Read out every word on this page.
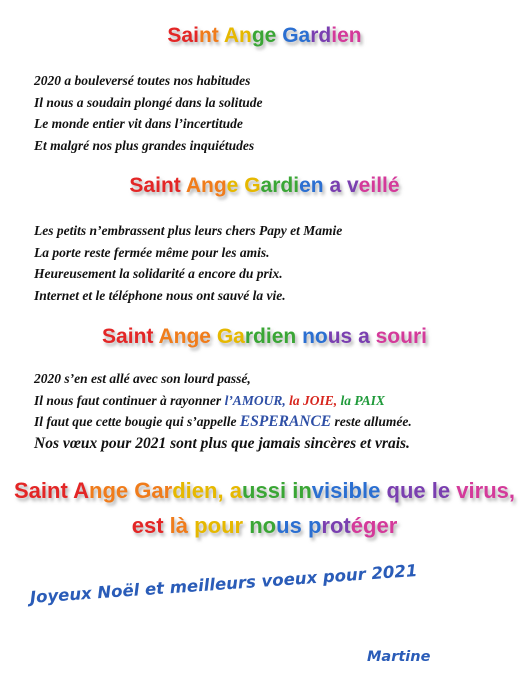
Saint Ange Gardien
2020 a bouleversé toutes nos habitudes
Il nous a soudain plongé dans la solitude
Le monde entier vit dans l’incertitude
Et malgré nos plus grandes inquiétudes
Saint Ange Gardien a veillé
Les petits n’embrassent plus leurs chers Papy et Mamie
La porte reste fermée même pour les amis.
Heureusement la solidarité a encore du prix.
Internet et le téléphone nous ont sauvé la vie.
Saint Ange Gardien nous a souri
2020 s’en est allé avec son lourd passé,
Il nous faut continuer à rayonner l’AMOUR, la JOIE, la PAIX
Il faut que cette bougie qui s’appelle ESPERANCE reste allumée.
Nos vœux pour 2021 sont plus que jamais sincères et vrais.
Saint Ange Gardien, aussi invisible que le virus,
est là pour nous protéger
Joyeux Noël et meilleurs voeux pour 2021
Martine
